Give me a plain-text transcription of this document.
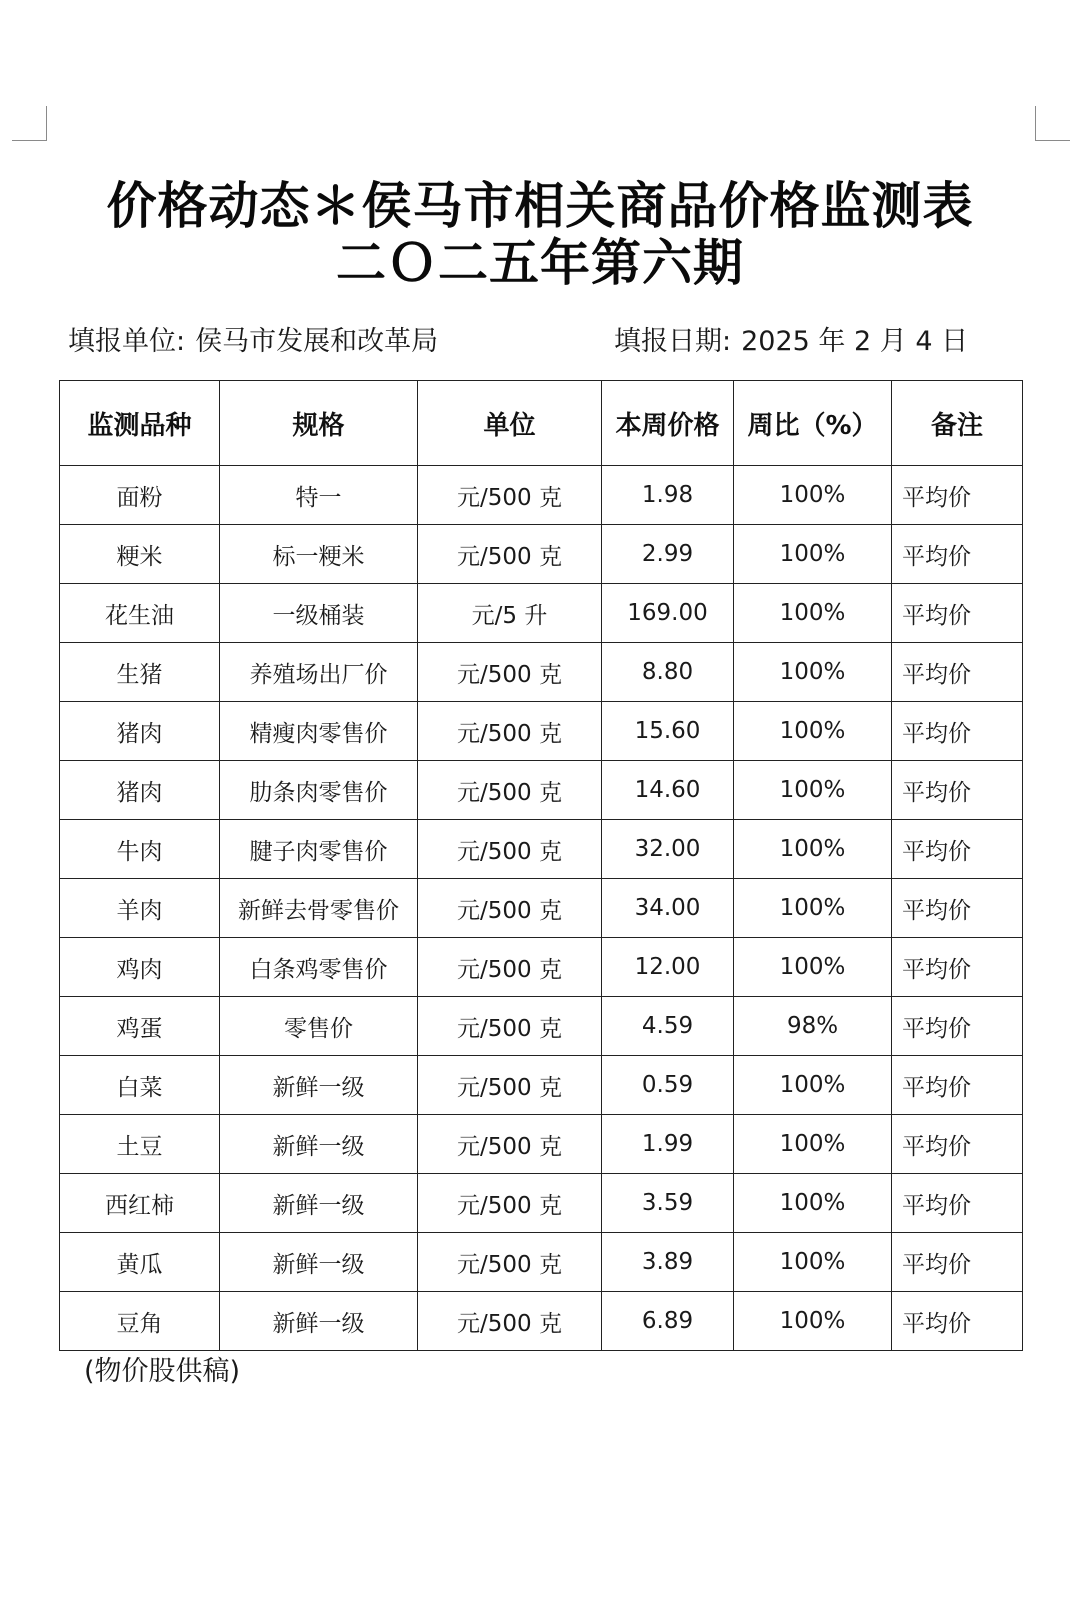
价格动态＊侯马市相关商品价格监测表
二Ｏ二五年第六期
填报单位: 侯马市发展和改革局	填报日期: 2025 年 2 月 4 日
监测品种	规格	单位	本周价格	周比（%）	备注
面粉	特一	元/500 克	1.98	100%	平均价
粳米	标一粳米	元/500 克	2.99	100%	平均价
花生油	一级桶装	元/5 升	169.00	100%	平均价
生猪	养殖场出厂价	元/500 克	8.80	100%	平均价
猪肉	精瘦肉零售价	元/500 克	15.60	100%	平均价
猪肉	肋条肉零售价	元/500 克	14.60	100%	平均价
牛肉	腱子肉零售价	元/500 克	32.00	100%	平均价
羊肉	新鲜去骨零售价	元/500 克	34.00	100%	平均价
鸡肉	白条鸡零售价	元/500 克	12.00	100%	平均价
鸡蛋	零售价	元/500 克	4.59	98%	平均价
白菜	新鲜一级	元/500 克	0.59	100%	平均价
土豆	新鲜一级	元/500 克	1.99	100%	平均价
西红柿	新鲜一级	元/500 克	3.59	100%	平均价
黄瓜	新鲜一级	元/500 克	3.89	100%	平均价
豆角	新鲜一级	元/500 克	6.89	100%	平均价
(物价股供稿)
